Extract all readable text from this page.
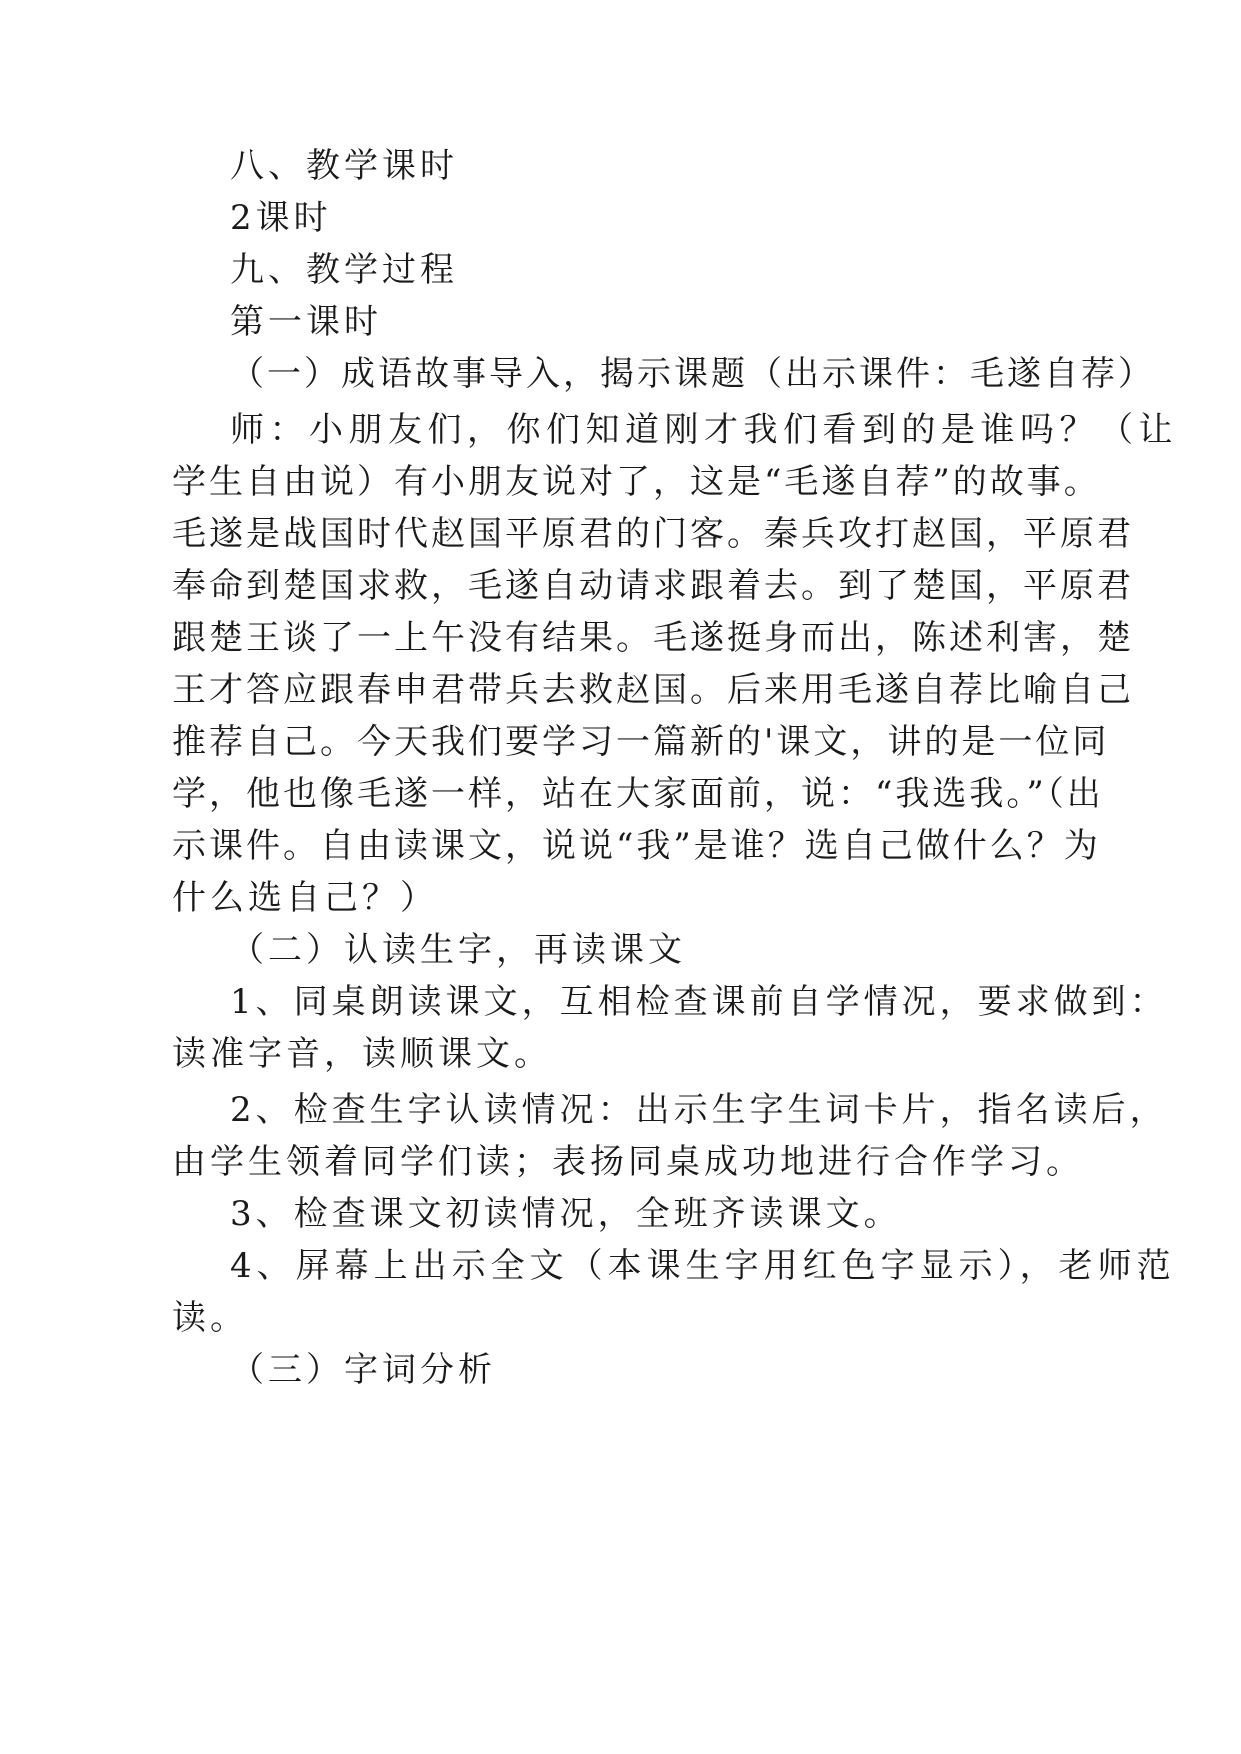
八、教学课时
2课时
九、教学过程
第一课时
（一）成语故事导入，揭示课题（出示课件：毛遂自荐）
师：小朋友们，你们知道刚才我们看到的是谁吗？（让
学生自由说）有小朋友说对了，这是“毛遂自荐”的故事。
毛遂是战国时代赵国平原君的门客。秦兵攻打赵国，平原君
奉命到楚国求救，毛遂自动请求跟着去。到了楚国，平原君
跟楚王谈了一上午没有结果。毛遂挺身而出，陈述利害，楚
王才答应跟春申君带兵去救赵国。后来用毛遂自荐比喻自己
推荐自己。今天我们要学习一篇新的'课文，讲的是一位同
学，他也像毛遂一样，站在大家面前，说：“我选我。”（出
示课件。自由读课文，说说“我”是谁？选自己做什么？为
什么选自己？）
（二）认读生字，再读课文
1、同桌朗读课文，互相检查课前自学情况，要求做到：
读准字音，读顺课文。
2、检查生字认读情况：出示生字生词卡片，指名读后，
由学生领着同学们读；表扬同桌成功地进行合作学习。
3、检查课文初读情况，全班齐读课文。
4、屏幕上出示全文（本课生字用红色字显示），老师范
读。
（三）字词分析
